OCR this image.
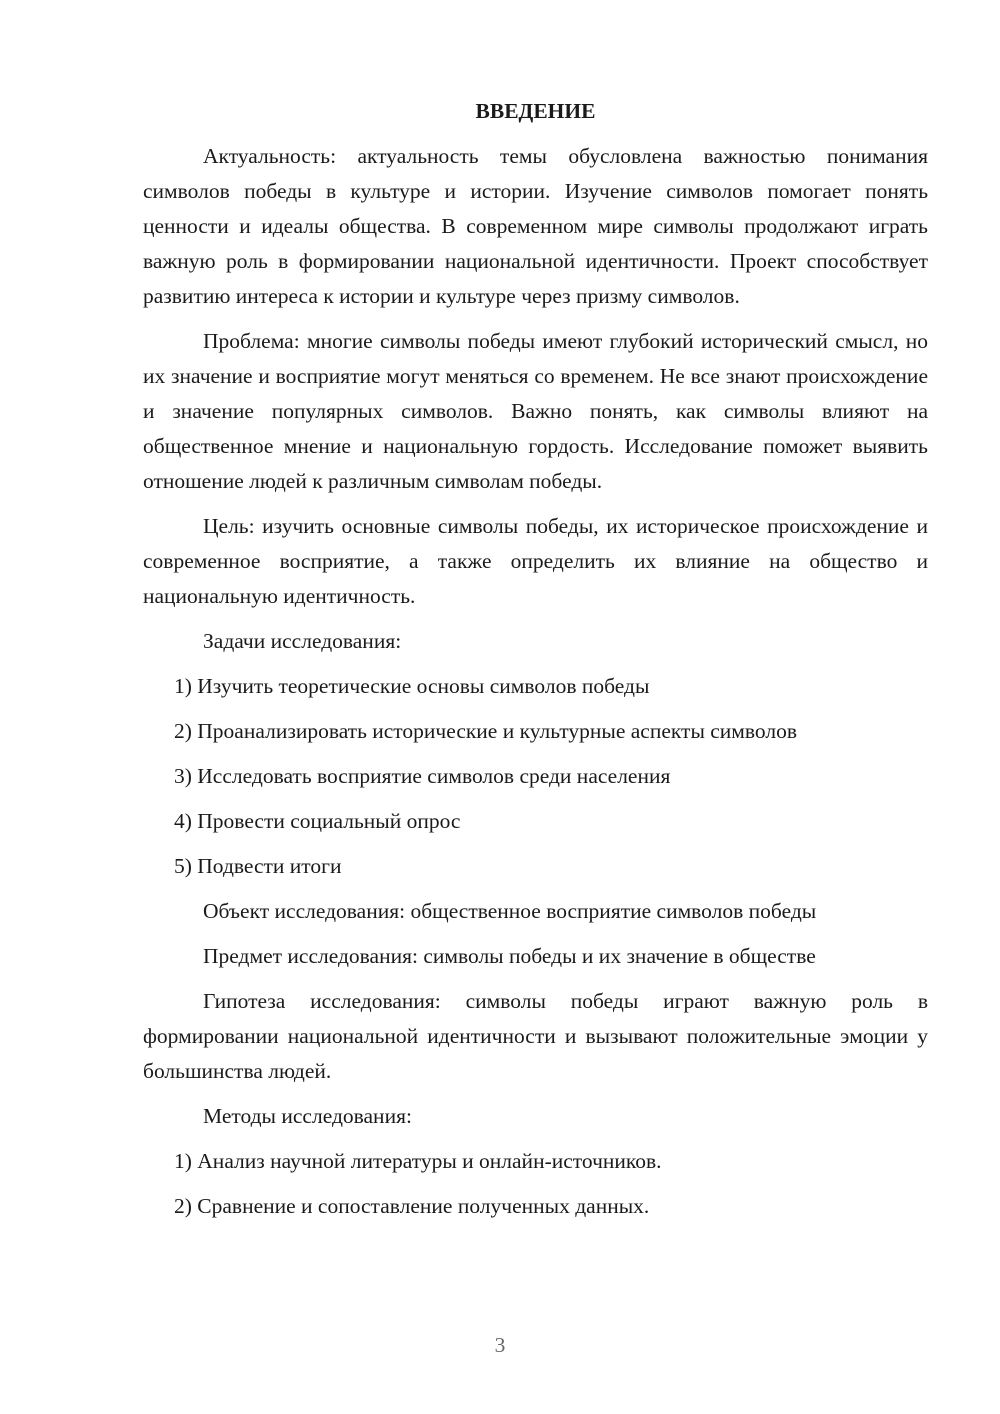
ВВЕДЕНИЕ

Актуальность: актуальность темы обусловлена важностью понимания символов победы в культуре и истории. Изучение символов помогает понять ценности и идеалы общества. В современном мире символы продолжают играть важную роль в формировании национальной идентичности. Проект способствует развитию интереса к истории и культуре через призму символов.

Проблема: многие символы победы имеют глубокий исторический смысл, но их значение и восприятие могут меняться со временем. Не все знают происхождение и значение популярных символов. Важно понять, как символы влияют на общественное мнение и национальную гордость. Исследование поможет выявить отношение людей к различным символам победы.

Цель: изучить основные символы победы, их историческое происхождение и современное восприятие, а также определить их влияние на общество и национальную идентичность.

Задачи исследования:

1) Изучить теоретические основы символов победы

2) Проанализировать исторические и культурные аспекты символов

3) Исследовать восприятие символов среди населения

4) Провести социальный опрос

5) Подвести итоги

Объект исследования: общественное восприятие символов победы

Предмет исследования: символы победы и их значение в обществе

Гипотеза исследования: символы победы играют важную роль в формировании национальной идентичности и вызывают положительные эмоции у большинства людей.

Методы исследования:

1) Анализ научной литературы и онлайн-источников.

2) Сравнение и сопоставление полученных данных.

3
